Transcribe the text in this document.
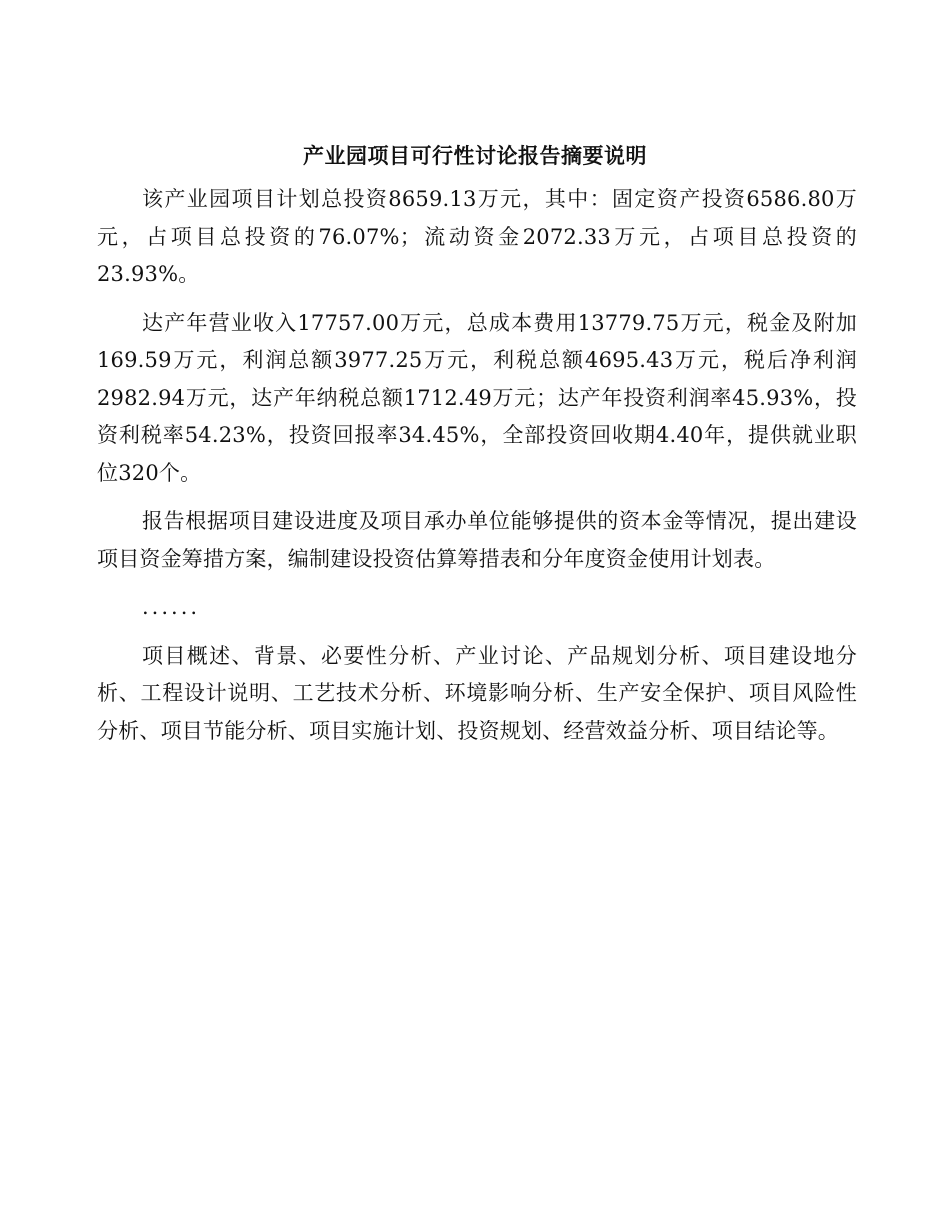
产业园项目可行性讨论报告摘要说明

该产业园项目计划总投资8659.13万元，其中：固定资产投资6586.80万元，占项目总投资的76.07%；流动资金2072.33万元，占项目总投资的23.93%。

达产年营业收入17757.00万元，总成本费用13779.75万元，税金及附加169.59万元，利润总额3977.25万元，利税总额4695.43万元，税后净利润2982.94万元，达产年纳税总额1712.49万元；达产年投资利润率45.93%，投资利税率54.23%，投资回报率34.45%，全部投资回收期4.40年，提供就业职位320个。

报告根据项目建设进度及项目承办单位能够提供的资本金等情况，提出建设项目资金筹措方案，编制建设投资估算筹措表和分年度资金使用计划表。

......

项目概述、背景、必要性分析、产业讨论、产品规划分析、项目建设地分析、工程设计说明、工艺技术分析、环境影响分析、生产安全保护、项目风险性分析、项目节能分析、项目实施计划、投资规划、经营效益分析、项目结论等。
